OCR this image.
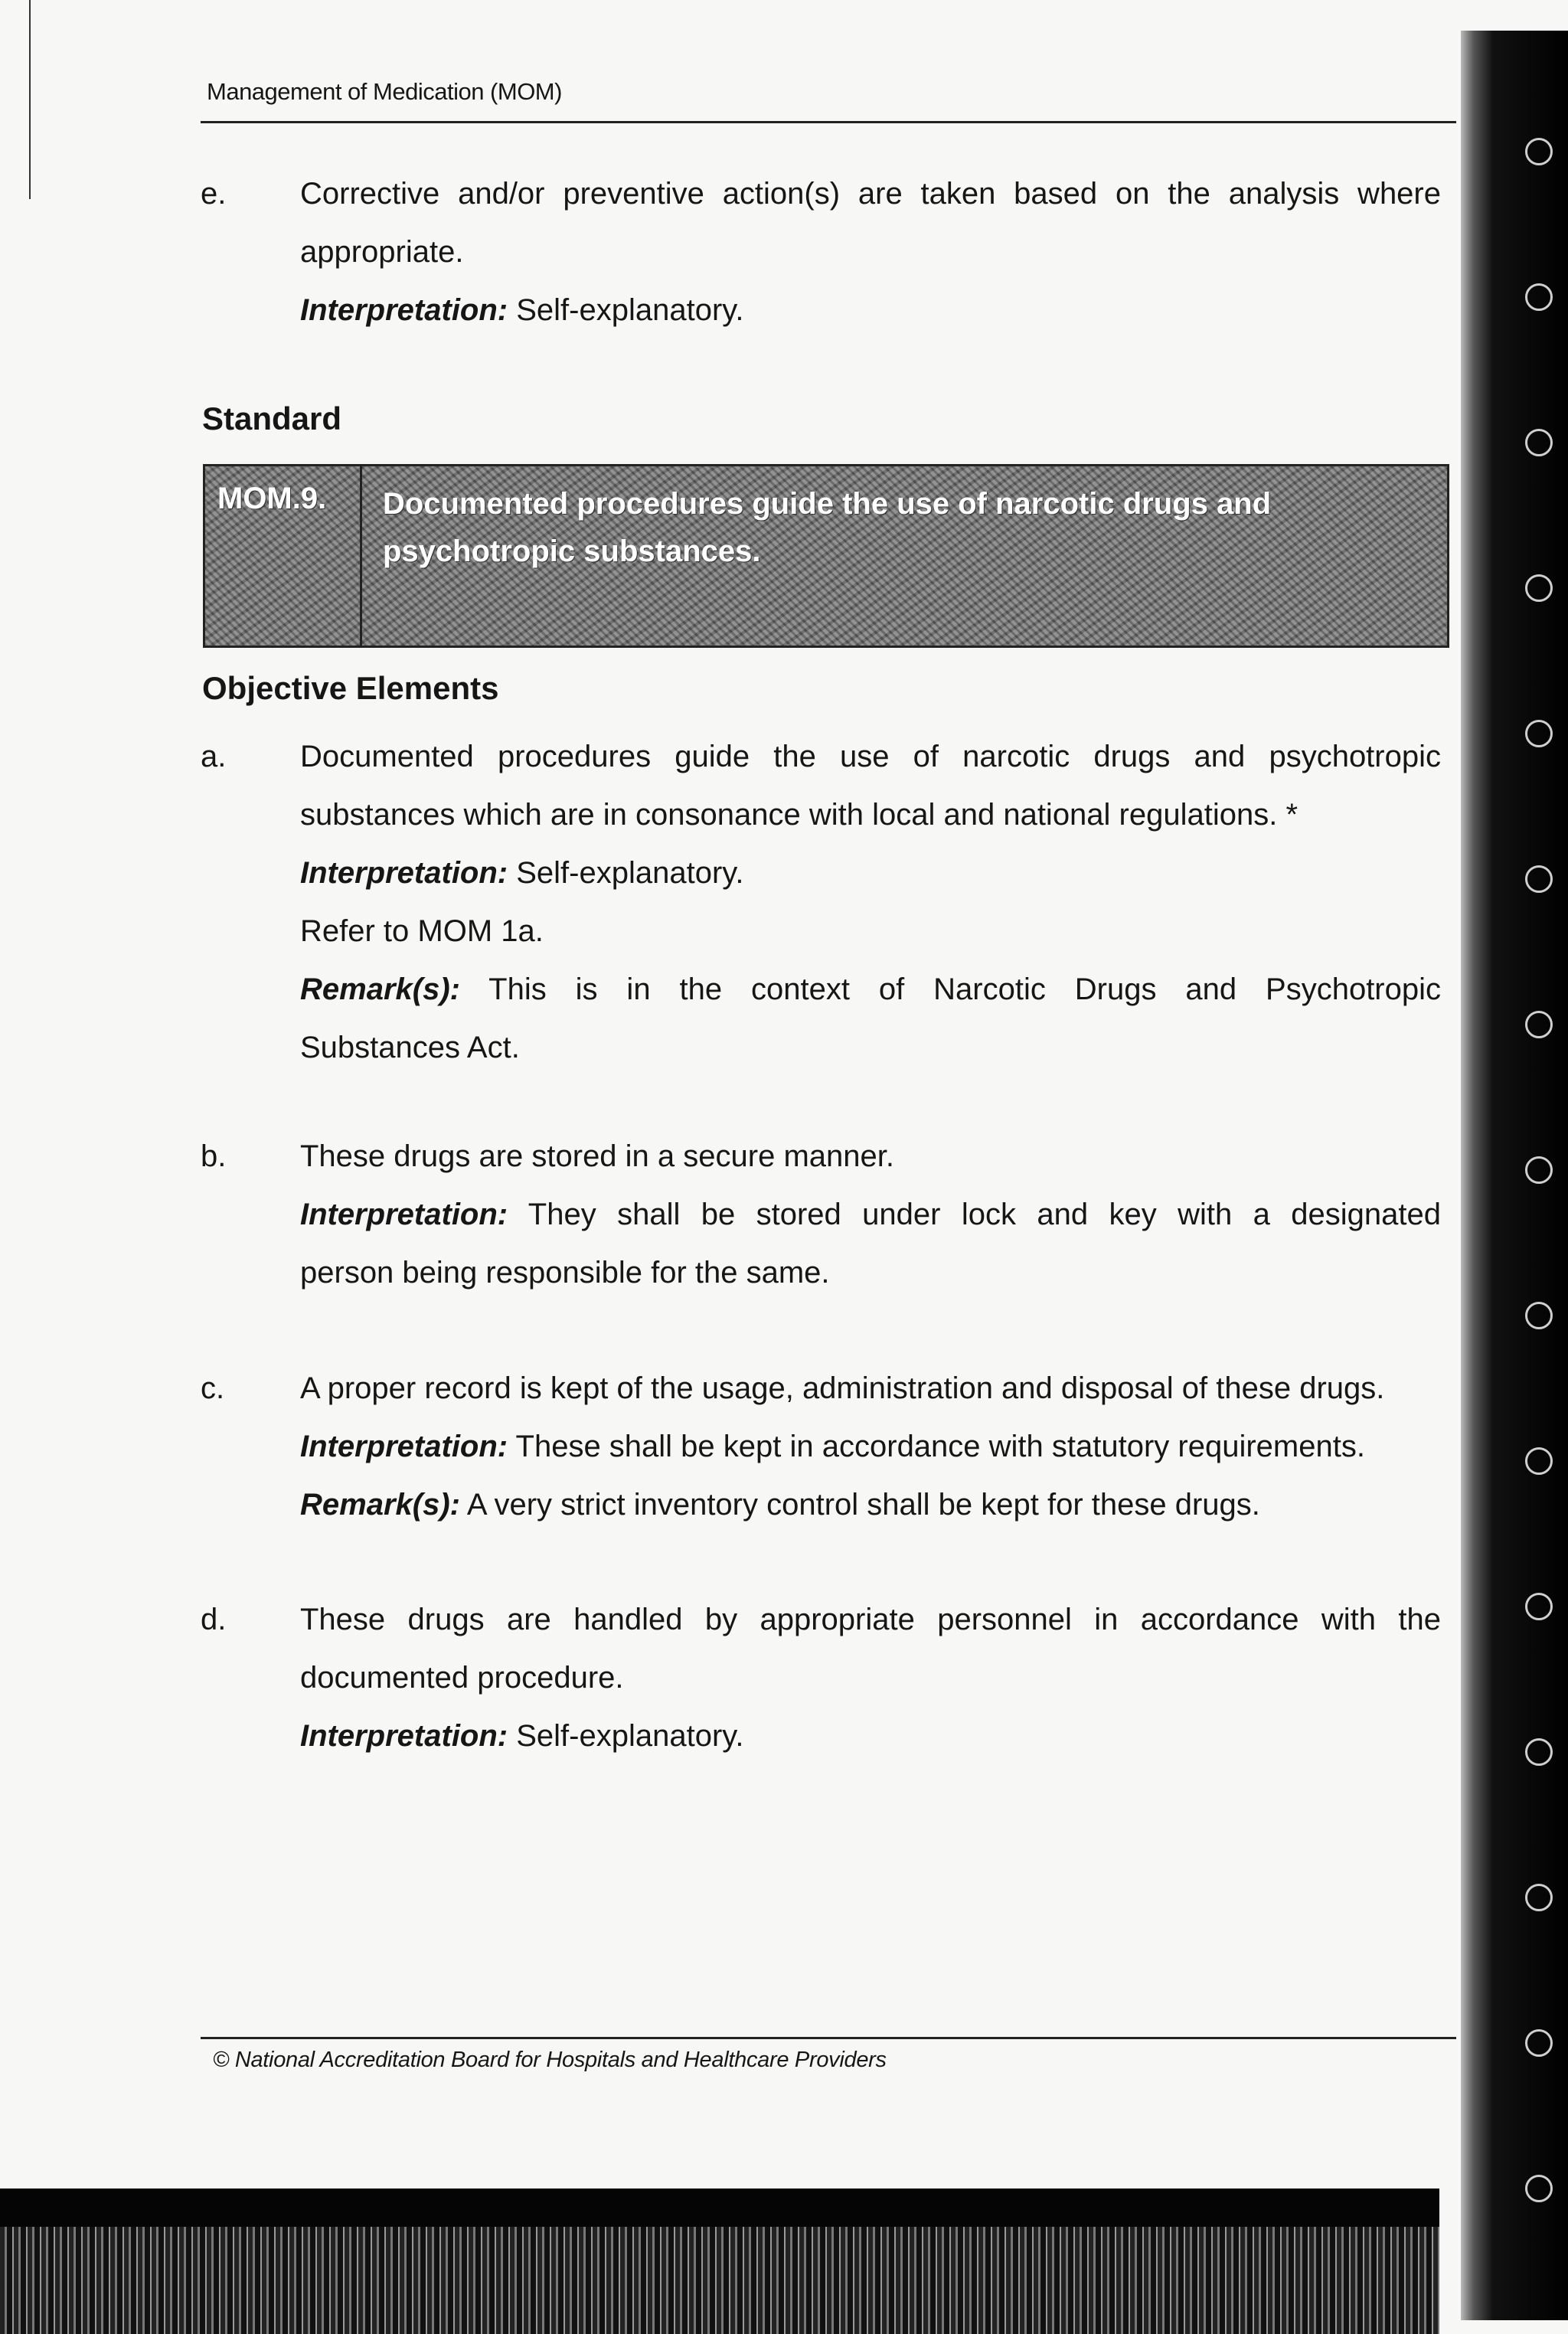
Management of Medication (MOM)
e. Corrective and/or preventive action(s) are taken based on the analysis where
appropriate.
Interpretation: Self-explanatory.
Standard
MOM.9.	Documented procedures guide the use of narcotic drugs and psychotropic substances.
Objective Elements
a. Documented procedures guide the use of narcotic drugs and psychotropic
substances which are in consonance with local and national regulations. *
Interpretation: Self-explanatory.
Refer to MOM 1a.
Remark(s): This is in the context of Narcotic Drugs and Psychotropic
Substances Act.
b. These drugs are stored in a secure manner.
Interpretation: They shall be stored under lock and key with a designated
person being responsible for the same.
c. A proper record is kept of the usage, administration and disposal of these drugs.
Interpretation: These shall be kept in accordance with statutory requirements.
Remark(s): A very strict inventory control shall be kept for these drugs.
d. These drugs are handled by appropriate personnel in accordance with the
documented procedure.
Interpretation: Self-explanatory.
© National Accreditation Board for Hospitals and Healthcare Providers
